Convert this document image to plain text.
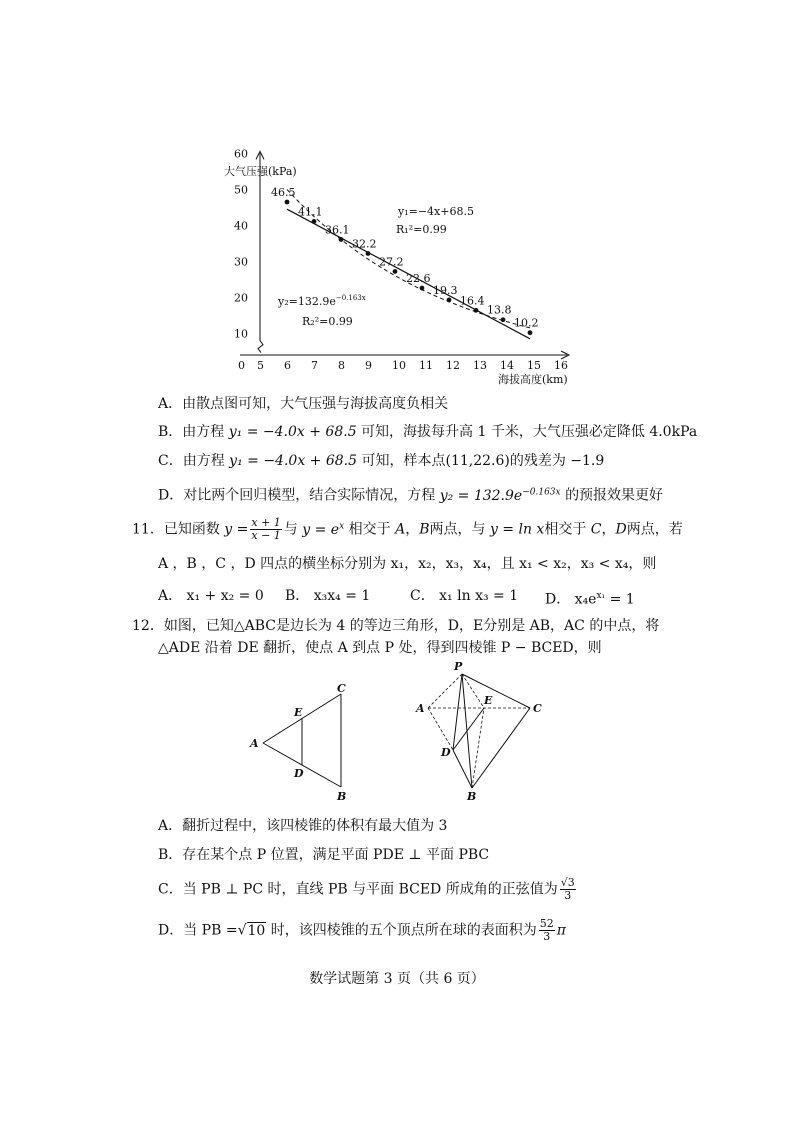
10
20
30
40
50
60
0 5 6 7 8 9 10 11 12 13 14 15 16
46.5
41.1
36.1
32.2
27.2
22.6
19.3
16.4
13.8
10.2
大气压强(kPa)
海拔高度(km)
y₁=−4x+68.5
R₁²=0.99
$y_2=132.9e^{-0.163x}$
R₂²=0.99
A．由散点图可知，大气压强与海拔高度负相关
B．由方程 y₁ = −4.0x + 68.5 可知，海拔每升高 1 千米，大气压强必定降低 4.0kPa
C．由方程 y₁ = −4.0x + 68.5 可知，样本点(11,22.6)的残差为 −1.9
D．对比两个回归模型，结合实际情况，方程 $y_2 = 132.9e^{-0.163x}$ 的预报效果更好
11．已知函数 $y = \frac{x + 1}{x - 1}$ 与 $y = e^x$ 相交于 A，B两点，与 y = ln x相交于 C，D两点，若
A ，B ，C ，D 四点的横坐标分别为 x₁，x₂，x₃，x₄，且 x₁ < x₂，x₃ < x₄，则
A． x₁ + x₂ = 0 B． x₃x₄ = 1	C． x₁ ln x₃ = 1 D． $x_4e^{x_1} = 1$
12．如图，已知△ABC是边长为 4 的等边三角形，D，E分别是 AB，AC 的中点，将
△ADE 沿着 DE 翻折，使点 A 到点 P 处，得到四棱锥 P − BCED，则
A
C
B
E
D
P
A	C
E
D
B
A．翻折过程中，该四棱锥的体积有最大值为 3
B．存在某个点 P 位置，满足平面 PDE ⊥ 平面 PBC
C．当 PB ⊥ PC 时，直线 PB 与平面 BCED 所成角的正弦值为 $\frac{√3}{3}$
D．当 PB =√10 时，该四棱锥的五个顶点所在球的表面积为 $\frac{52}{3}$ π
数学试题第 3 页（共 6 页）
